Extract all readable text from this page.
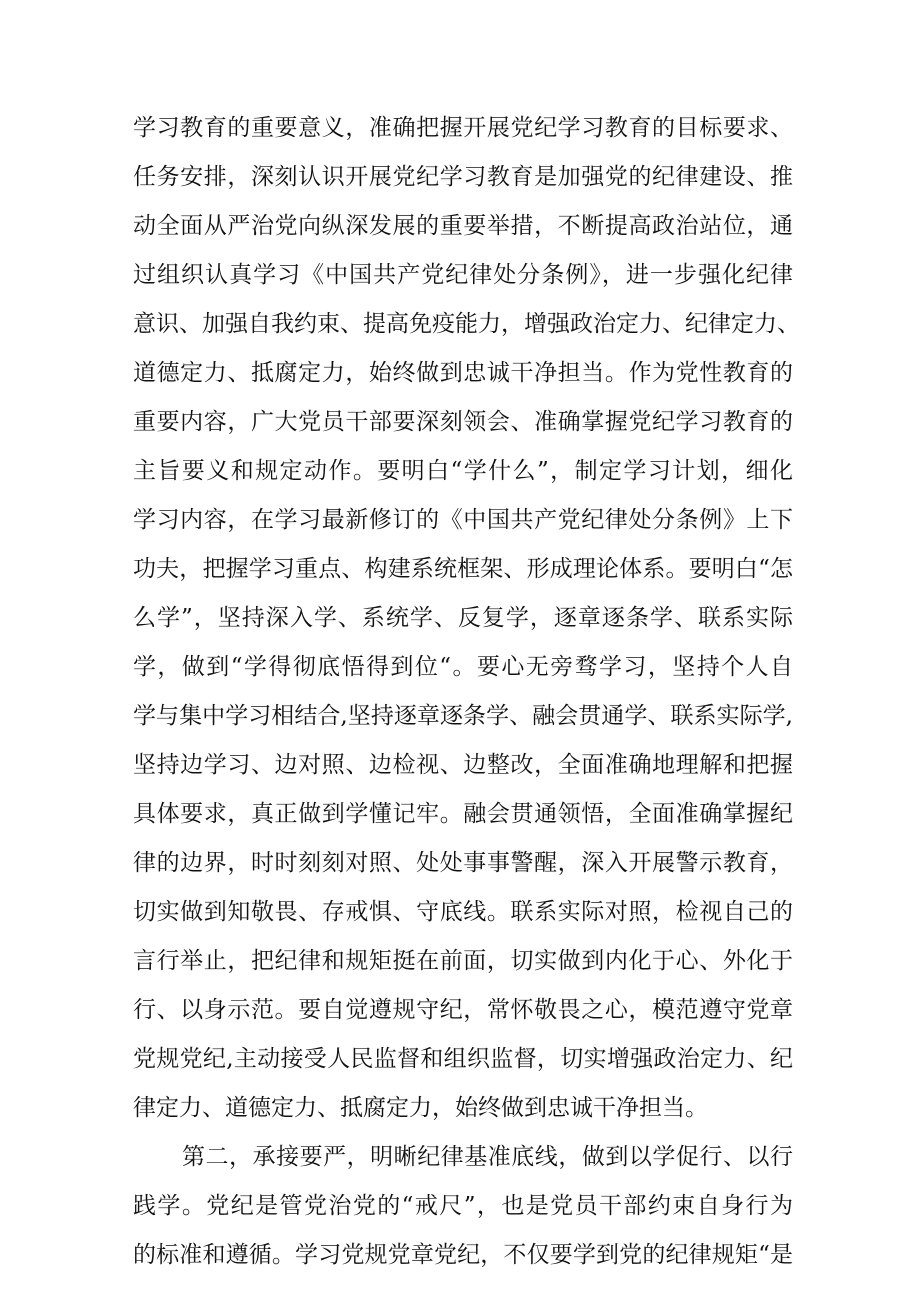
学习教育的重要意义，准确把握开展党纪学习教育的目标要求、
任务安排，深刻认识开展党纪学习教育是加强党的纪律建设、推
动全面从严治党向纵深发展的重要举措，不断提高政治站位，通
过组织认真学习《中国共产党纪律处分条例》，进一步强化纪律
意识、加强自我约束、提高免疫能力，增强政治定力、纪律定力、
道德定力、抵腐定力，始终做到忠诚干净担当。作为党性教育的
重要内容，广大党员干部要深刻领会、准确掌握党纪学习教育的
主旨要义和规定动作。要明白“学什么”，制定学习计划，细化
学习内容，在学习最新修订的《中国共产党纪律处分条例》上下
功夫，把握学习重点、构建系统框架、形成理论体系。要明白“怎
么学”，坚持深入学、系统学、反复学，逐章逐条学、联系实际
学，做到“学得彻底悟得到位“。要心无旁骛学习，坚持个人自
学与集中学习相结合,坚持逐章逐条学、融会贯通学、联系实际学,
坚持边学习、边对照、边检视、边整改，全面准确地理解和把握
具体要求，真正做到学懂记牢。融会贯通领悟，全面准确掌握纪
律的边界，时时刻刻对照、处处事事警醒，深入开展警示教育，
切实做到知敬畏、存戒惧、守底线。联系实际对照，检视自己的
言行举止，把纪律和规矩挺在前面，切实做到内化于心、外化于
行、以身示范。要自觉遵规守纪，常怀敬畏之心，模范遵守党章
党规党纪,主动接受人民监督和组织监督，切实增强政治定力、纪
律定力、道德定力、抵腐定力，始终做到忠诚干净担当。
第二，承接要严，明晰纪律基准底线，做到以学促行、以行
践学。党纪是管党治党的“戒尺”，也是党员干部约束自身行为
的标准和遵循。学习党规党章党纪，不仅要学到党的纪律规矩“是
